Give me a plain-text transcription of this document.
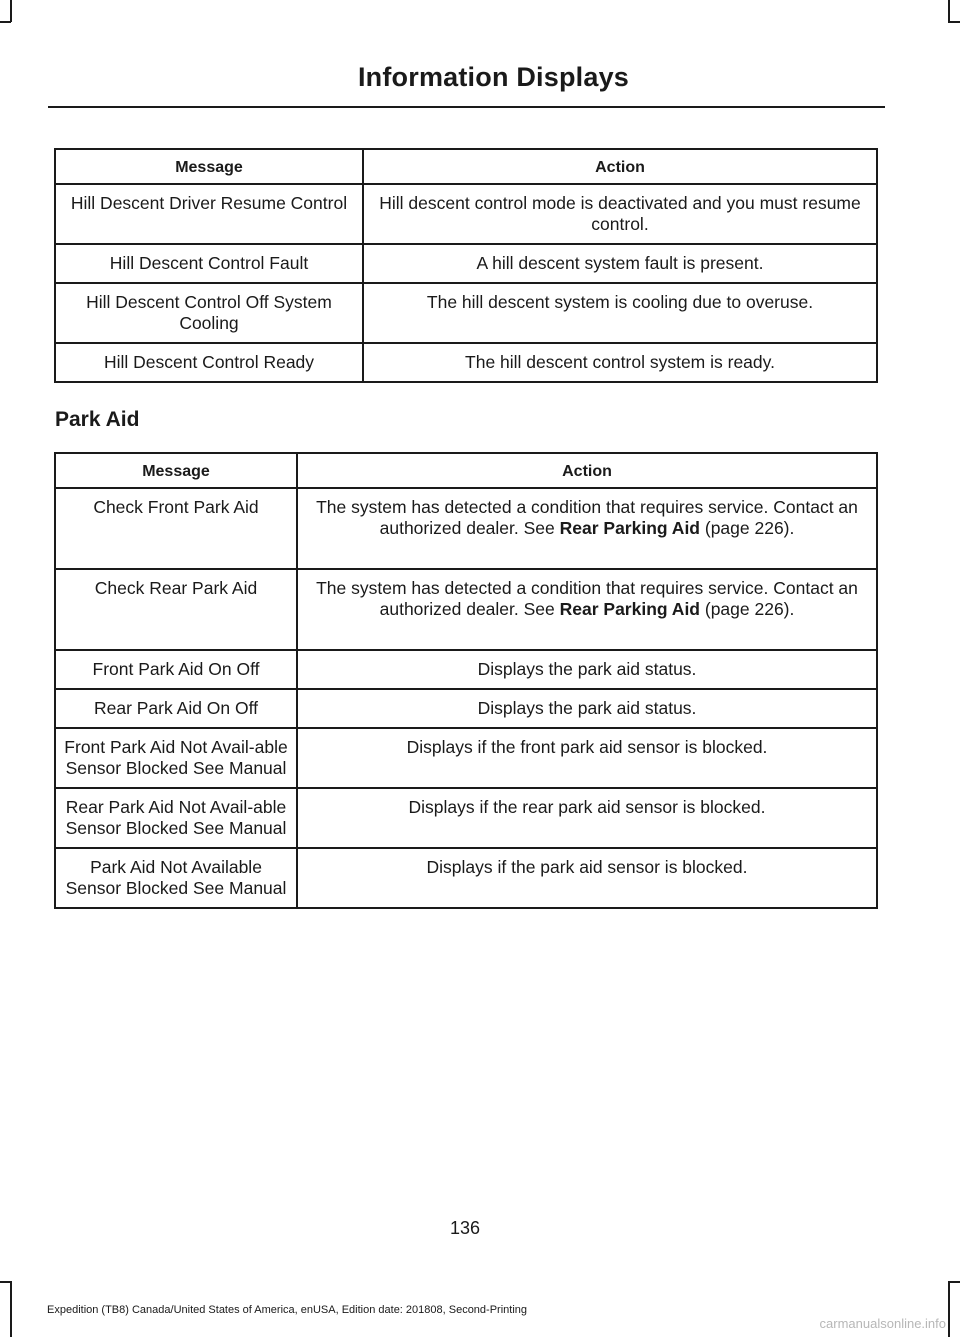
Information Displays
Message	Action
Hill Descent Driver Resume Control	Hill descent control mode is deactivated and you must resume control.
Hill Descent Control Fault	A hill descent system fault is present.
Hill Descent Control Off System Cooling	The hill descent system is cooling due to overuse.
Hill Descent Control Ready	The hill descent control system is ready.
Park Aid
Message	Action
Check Front Park Aid	The system has detected a condition that requires service. Contact an authorized dealer. See Rear Parking Aid (page 226).
Check Rear Park Aid	The system has detected a condition that requires service. Contact an authorized dealer. See Rear Parking Aid (page 226).
Front Park Aid On Off	Displays the park aid status.
Rear Park Aid On Off	Displays the park aid status.
Front Park Aid Not Avail-able Sensor Blocked See Manual	Displays if the front park aid sensor is blocked.
Rear Park Aid Not Avail-able Sensor Blocked See Manual	Displays if the rear park aid sensor is blocked.
Park Aid Not Available Sensor Blocked See Manual	Displays if the park aid sensor is blocked.
136
Expedition (TB8) Canada/United States of America, enUSA, Edition date: 201808, Second-Printing
carmanualsonline.info
